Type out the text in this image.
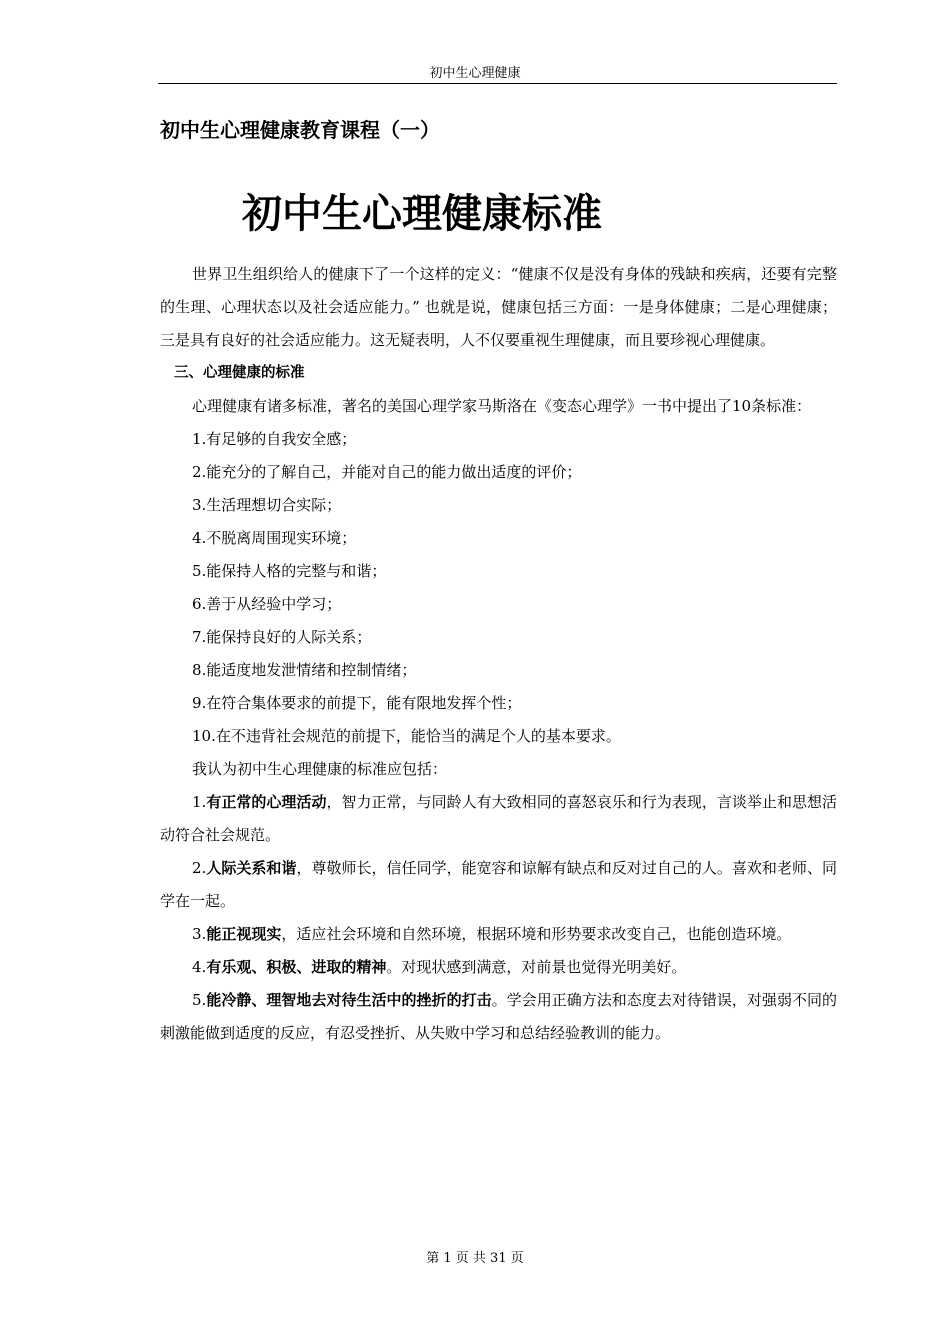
初中生心理健康
初中生心理健康教育课程（一）
初中生心理健康标准

世界卫生组织给人的健康下了一个这样的定义：“健康不仅是没有身体的残缺和疾病，还要有完整的生理、心理状态以及社会适应能力。” 也就是说，健康包括三方面：一是身体健康；二是心理健康；三是具有良好的社会适应能力。这无疑表明，人不仅要重视生理健康，而且要珍视心理健康。

三、心理健康的标准

心理健康有诸多标准，著名的美国心理学家马斯洛在《变态心理学》一书中提出了10条标准：

1.有足够的自我安全感；

2.能充分的了解自己，并能对自己的能力做出适度的评价；

3.生活理想切合实际；

4.不脱离周围现实环境；

5.能保持人格的完整与和谐；

6.善于从经验中学习；

7.能保持良好的人际关系；

8.能适度地发泄情绪和控制情绪；

9.在符合集体要求的前提下，能有限地发挥个性；

10.在不违背社会规范的前提下，能恰当的满足个人的基本要求。

我认为初中生心理健康的标准应包括：

1.有正常的心理活动，智力正常，与同龄人有大致相同的喜怒哀乐和行为表现，言谈举止和思想活动符合社会规范。

2.人际关系和谐，尊敬师长，信任同学，能宽容和谅解有缺点和反对过自己的人。喜欢和老师、同学在一起。

3.能正视现实，适应社会环境和自然环境，根据环境和形势要求改变自己，也能创造环境。

4.有乐观、积极、进取的精神。对现状感到满意，对前景也觉得光明美好。

5.能冷静、理智地去对待生活中的挫折的打击。学会用正确方法和态度去对待错误，对强弱不同的刺激能做到适度的反应，有忍受挫折、从失败中学习和总结经验教训的能力。

第 1 页 共 31 页
